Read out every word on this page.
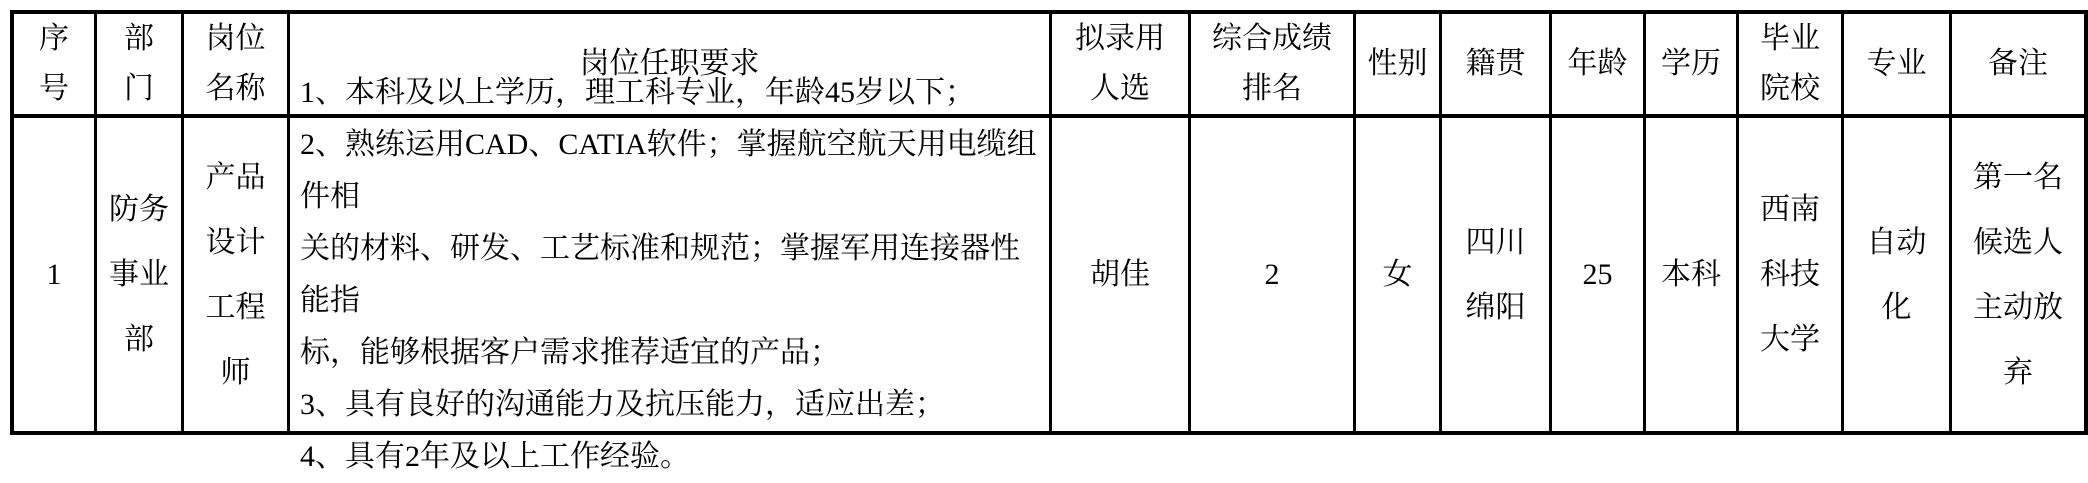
序
号
部
门
岗位
名称
岗位任职要求
拟录用
人选
综合成绩
排名
性别 籍贯 年龄 学历
毕业
院校
专业 备注
1
防务
事业
部
产品
设计
工程
师
1、本科及以上学历，理工科专业，年龄45岁以下；
2、熟练运用CAD、CATIA软件；掌握航空航天用电缆组件相
关的材料、研发、工艺标准和规范；掌握军用连接器性能指
标，能够根据客户需求推荐适宜的产品；
3、具有良好的沟通能力及抗压能力，适应出差；
4、具有2年及以上工作经验。
胡佳	2	女
四川
绵阳
25 本科
西南
科技
大学
自动
化
第一名
候选人
主动放
弃
